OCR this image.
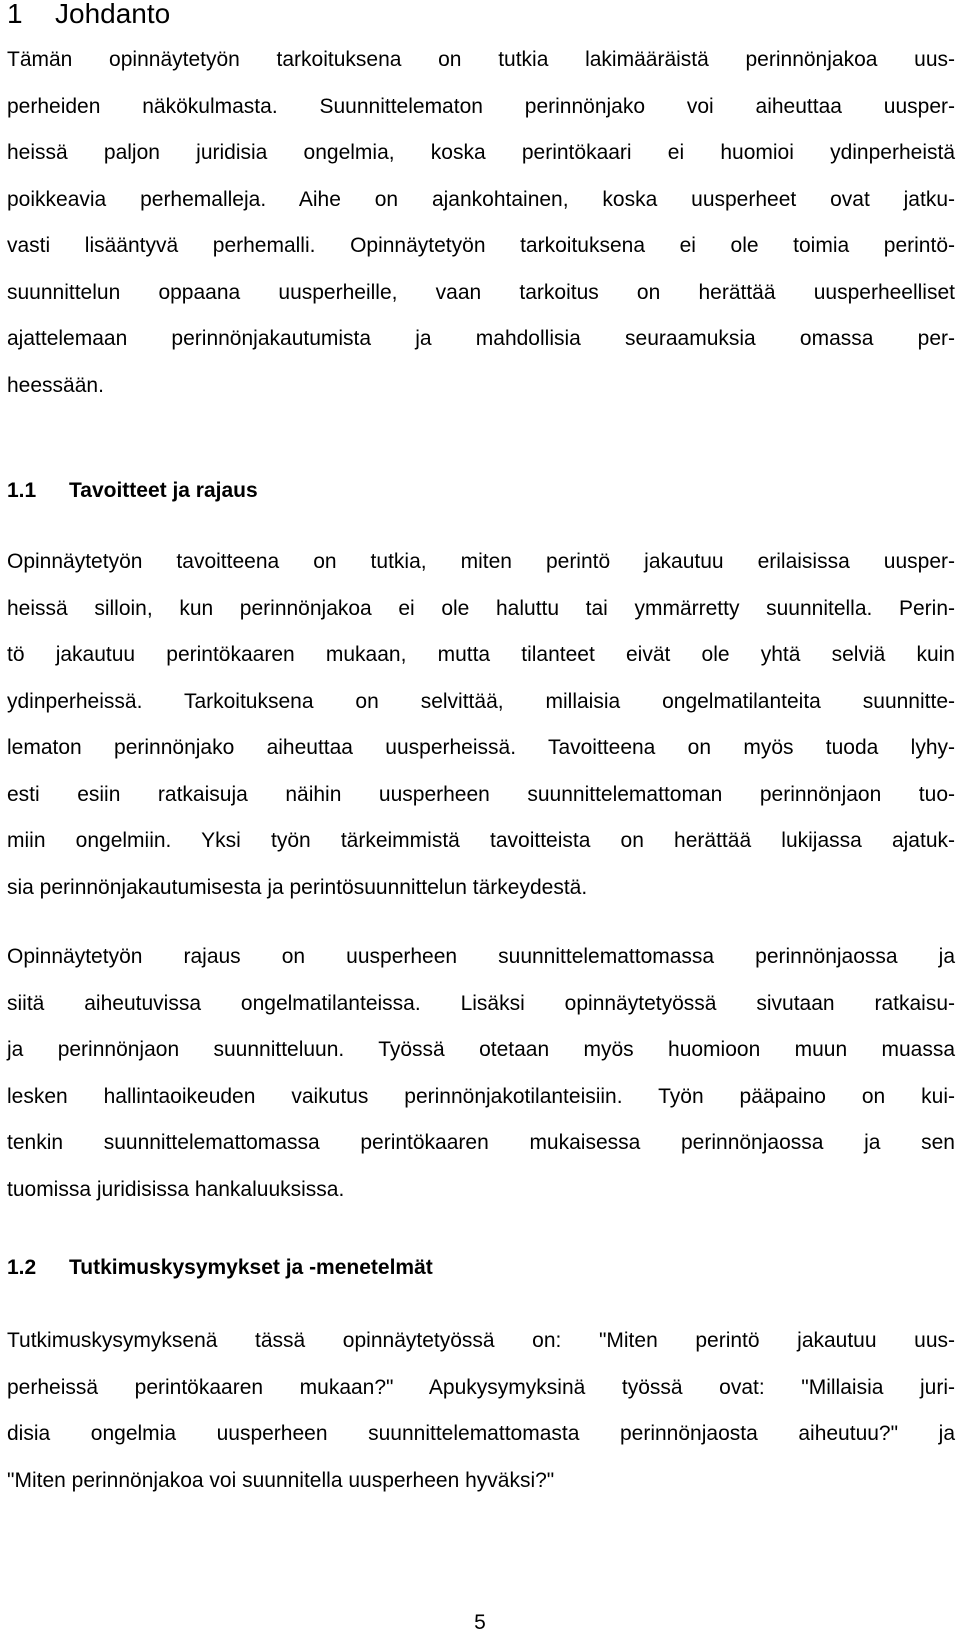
1 Johdanto
Tämän opinnäytetyön tarkoituksena on tutkia lakimääräistä perinnönjakoa uus-
perheiden näkökulmasta. Suunnittelematon perinnönjako voi aiheuttaa uusper-
heissä paljon juridisia ongelmia, koska perintökaari ei huomioi ydinperheistä
poikkeavia perhemalleja. Aihe on ajankohtainen, koska uusperheet ovat jatku-
vasti lisääntyvä perhemalli. Opinnäytetyön tarkoituksena ei ole toimia perintö-
suunnittelun oppaana uusperheille, vaan tarkoitus on herättää uusperheelliset
ajattelemaan perinnönjakautumista ja mahdollisia seuraamuksia omassa per-
heessään.
1.1 Tavoitteet ja rajaus
Opinnäytetyön tavoitteena on tutkia, miten perintö jakautuu erilaisissa uusper-
heissä silloin, kun perinnönjakoa ei ole haluttu tai ymmärretty suunnitella. Perin-
tö jakautuu perintökaaren mukaan, mutta tilanteet eivät ole yhtä selviä kuin
ydinperheissä. Tarkoituksena on selvittää, millaisia ongelmatilanteita suunnitte-
lematon perinnönjako aiheuttaa uusperheissä. Tavoitteena on myös tuoda lyhy-
esti esiin ratkaisuja näihin uusperheen suunnittelemattoman perinnönjaon tuo-
miin ongelmiin. Yksi työn tärkeimmistä tavoitteista on herättää lukijassa ajatuk-
sia perinnönjakautumisesta ja perintösuunnittelun tärkeydestä.
Opinnäytetyön rajaus on uusperheen suunnittelemattomassa perinnönjaossa ja
siitä aiheutuvissa ongelmatilanteissa. Lisäksi opinnäytetyössä sivutaan ratkaisu-
ja perinnönjaon suunnitteluun. Työssä otetaan myös huomioon muun muassa
lesken hallintaoikeuden vaikutus perinnönjakotilanteisiin. Työn pääpaino on kui-
tenkin suunnittelemattomassa perintökaaren mukaisessa perinnönjaossa ja sen
tuomissa juridisissa hankaluuksissa.
1.2 Tutkimuskysymykset ja -menetelmät
Tutkimuskysymyksenä tässä opinnäytetyössä on: "Miten perintö jakautuu uus-
perheissä perintökaaren mukaan?" Apukysymyksinä työssä ovat: "Millaisia juri-
disia ongelmia uusperheen suunnittelemattomasta perinnönjaosta aiheutuu?" ja
"Miten perinnönjakoa voi suunnitella uusperheen hyväksi?"
5
